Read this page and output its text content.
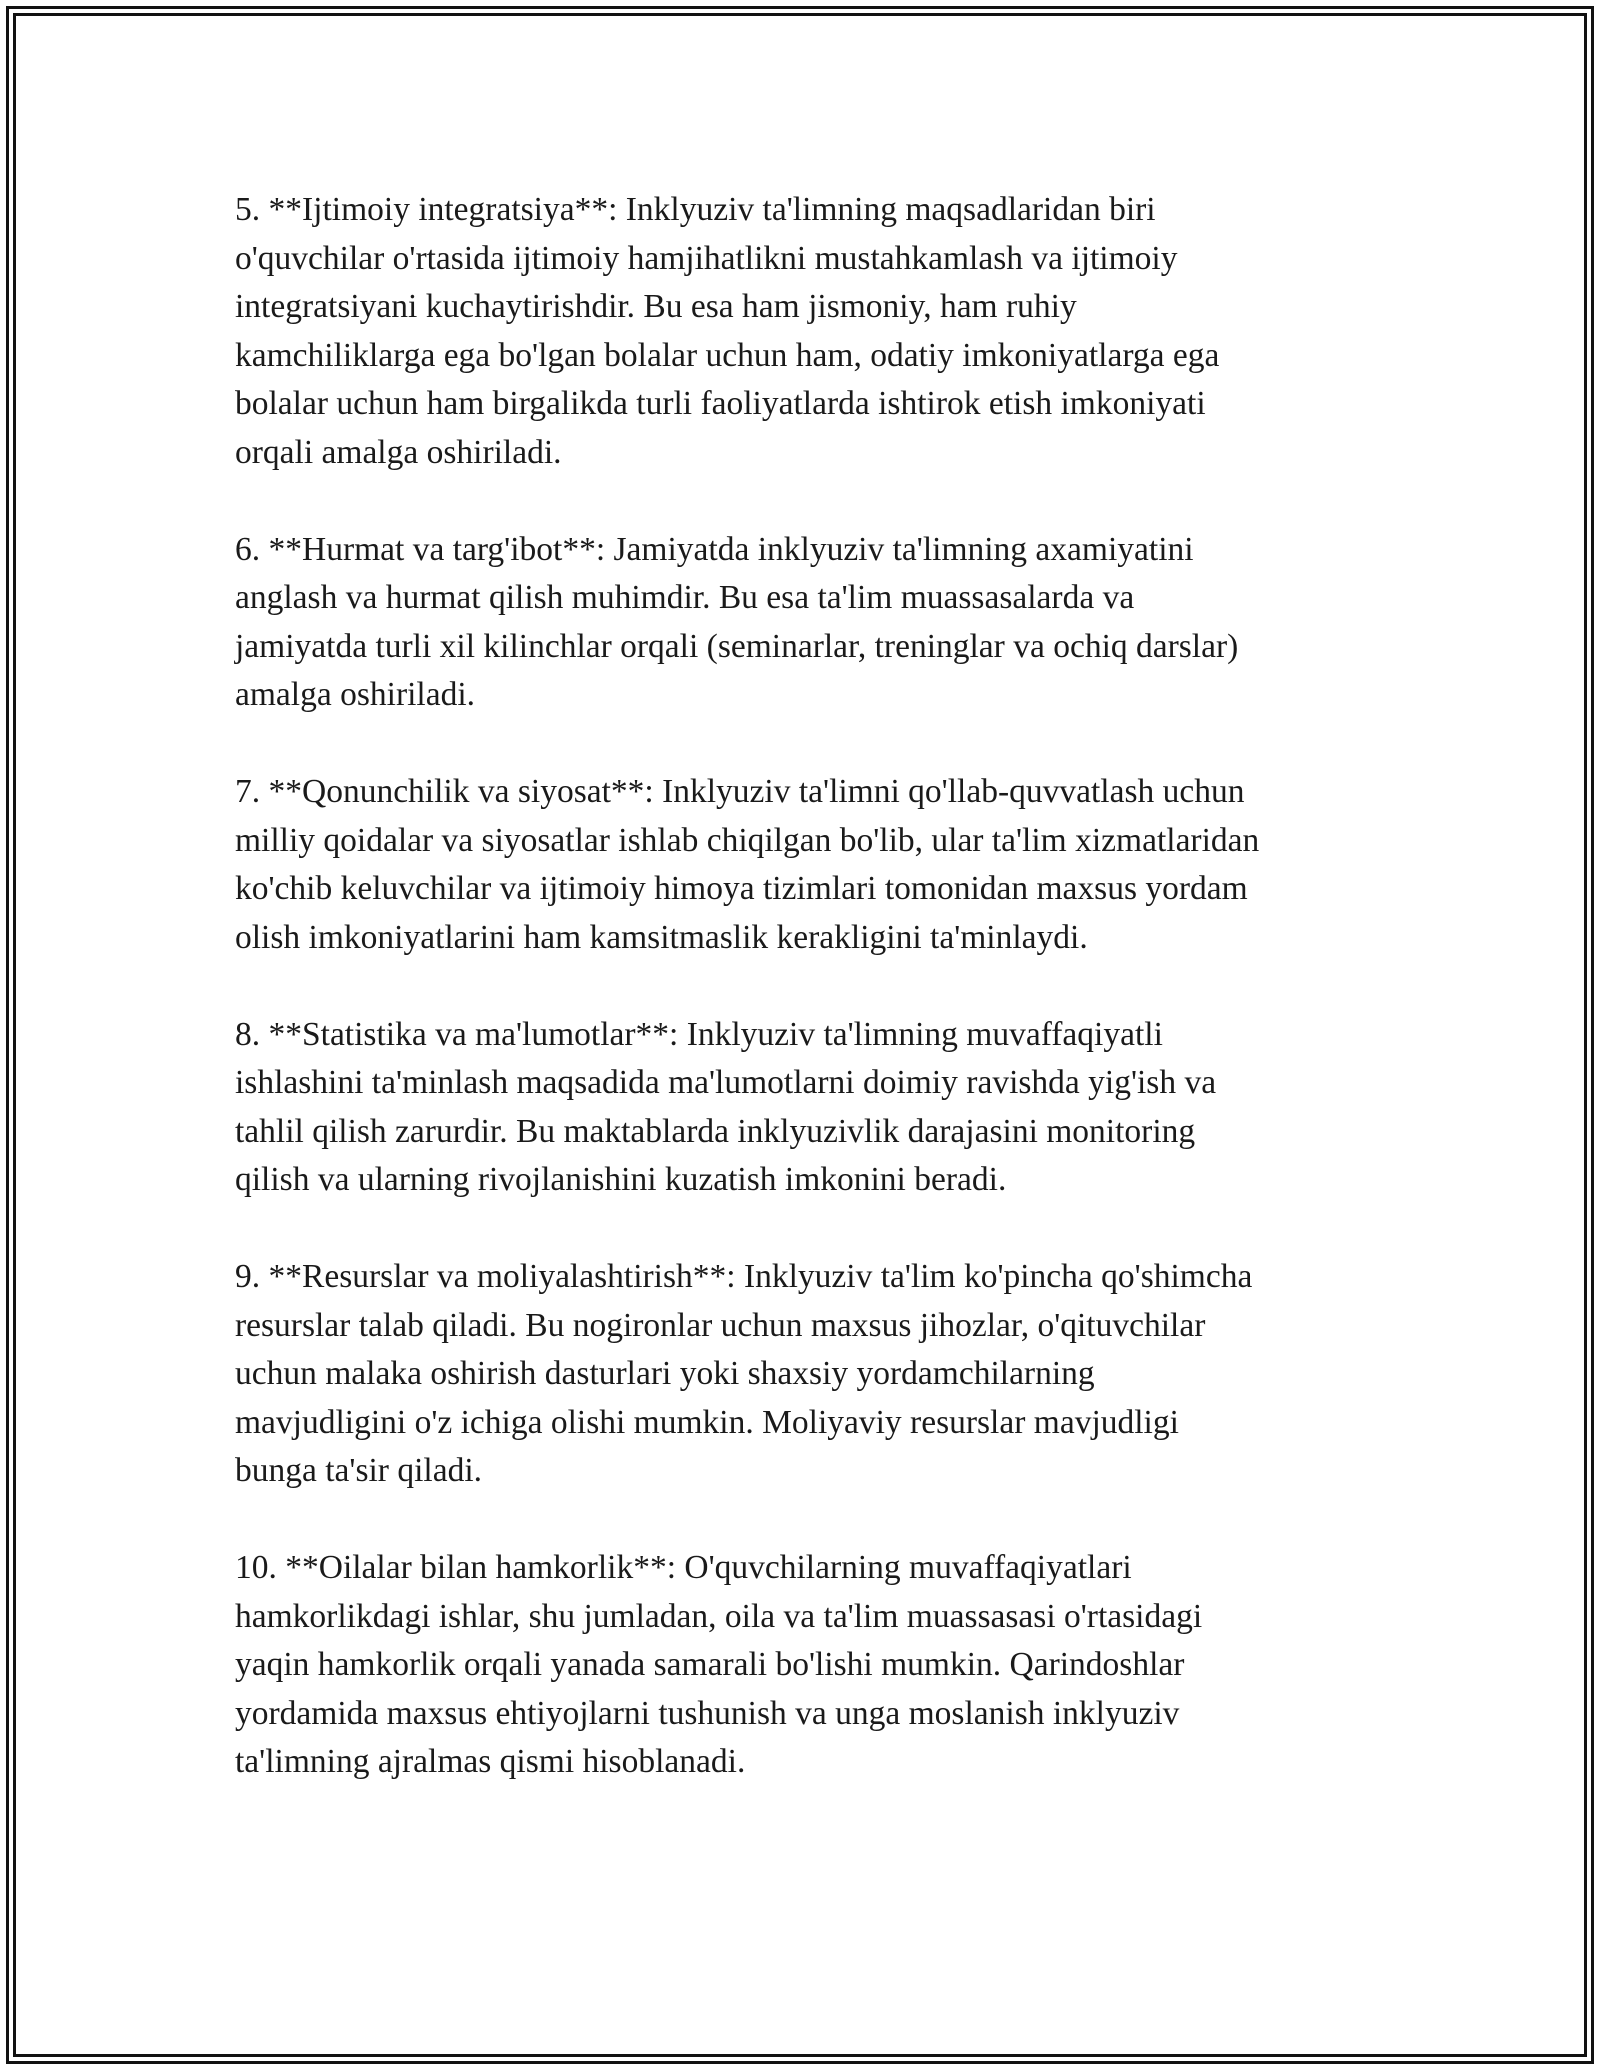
5. **Ijtimoiy integratsiya**: Inklyuziv ta'limning maqsadlaridan biri
o'quvchilar o'rtasida ijtimoiy hamjihatlikni mustahkamlash va ijtimoiy
integratsiyani kuchaytirishdir. Bu esa ham jismoniy, ham ruhiy
kamchiliklarga ega bo'lgan bolalar uchun ham, odatiy imkoniyatlarga ega
bolalar uchun ham birgalikda turli faoliyatlarda ishtirok etish imkoniyati
orqali amalga oshiriladi.

6. **Hurmat va targ'ibot**: Jamiyatda inklyuziv ta'limning axamiyatini
anglash va hurmat qilish muhimdir. Bu esa ta'lim muassasalarda va
jamiyatda turli xil kilinchlar orqali (seminarlar, treninglar va ochiq darslar)
amalga oshiriladi.

7. **Qonunchilik va siyosat**: Inklyuziv ta'limni qo'llab-quvvatlash uchun
milliy qoidalar va siyosatlar ishlab chiqilgan bo'lib, ular ta'lim xizmatlaridan
ko'chib keluvchilar va ijtimoiy himoya tizimlari tomonidan maxsus yordam
olish imkoniyatlarini ham kamsitmaslik kerakligini ta'minlaydi.

8. **Statistika va ma'lumotlar**: Inklyuziv ta'limning muvaffaqiyatli
ishlashini ta'minlash maqsadida ma'lumotlarni doimiy ravishda yig'ish va
tahlil qilish zarurdir. Bu maktablarda inklyuzivlik darajasini monitoring
qilish va ularning rivojlanishini kuzatish imkonini beradi.

9. **Resurslar va moliyalashtirish**: Inklyuziv ta'lim ko'pincha qo'shimcha
resurslar talab qiladi. Bu nogironlar uchun maxsus jihozlar, o'qituvchilar
uchun malaka oshirish dasturlari yoki shaxsiy yordamchilarning
mavjudligini o'z ichiga olishi mumkin. Moliyaviy resurslar mavjudligi
bunga ta'sir qiladi.

10. **Oilalar bilan hamkorlik**: O'quvchilarning muvaffaqiyatlari
hamkorlikdagi ishlar, shu jumladan, oila va ta'lim muassasasi o'rtasidagi
yaqin hamkorlik orqali yanada samarali bo'lishi mumkin. Qarindoshlar
yordamida maxsus ehtiyojlarni tushunish va unga moslanish inklyuziv
ta'limning ajralmas qismi hisoblanadi.
